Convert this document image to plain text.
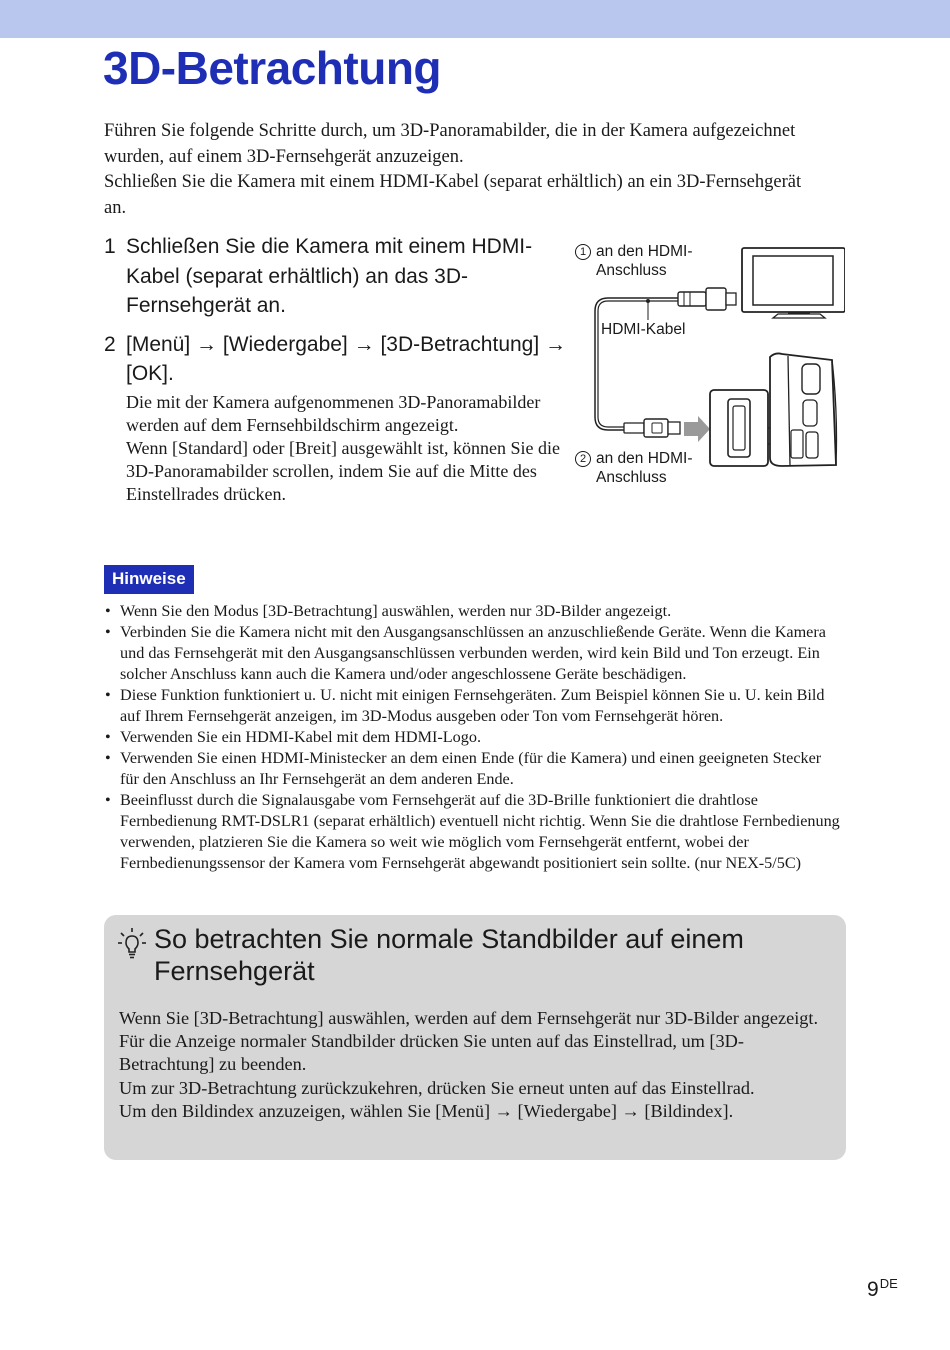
3D-Betrachtung

Führen Sie folgende Schritte durch, um 3D-Panoramabilder, die in der Kamera aufgezeichnet wurden, auf einem 3D-Fernsehgerät anzuzeigen.

Schließen Sie die Kamera mit einem HDMI-Kabel (separat erhältlich) an ein 3D-Fernsehgerät an.

1 Schließen Sie die Kamera mit einem HDMI-Kabel (separat erhältlich) an das 3D-Fernsehgerät an.
2 [Menü] → [Wiedergabe] → [3D-Betrachtung] → [OK].

Die mit der Kamera aufgenommenen 3D-Panoramabilder werden auf dem Fernsehbildschirm angezeigt.

Wenn [Standard] oder [Breit] ausgewählt ist, können Sie die 3D-Panoramabilder scrollen, indem Sie auf die Mitte des Einstellrades drücken.

1 an den HDMI-
Anschluss
HDMI-Kabel
2 an den HDMI-
Anschluss
Hinweise
• Wenn Sie den Modus [3D-Betrachtung] auswählen, werden nur 3D-Bilder angezeigt.
• Verbinden Sie die Kamera nicht mit den Ausgangsanschlüssen an anzuschließende Geräte. Wenn die Kamera und das Fernsehgerät mit den Ausgangsanschlüssen verbunden werden, wird kein Bild und Ton erzeugt. Ein solcher Anschluss kann auch die Kamera und/oder angeschlossene Geräte beschädigen.
• Diese Funktion funktioniert u. U. nicht mit einigen Fernsehgeräten. Zum Beispiel können Sie u. U. kein Bild auf Ihrem Fernsehgerät anzeigen, im 3D-Modus ausgeben oder Ton vom Fernsehgerät hören.
• Verwenden Sie ein HDMI-Kabel mit dem HDMI-Logo.
• Verwenden Sie einen HDMI-Ministecker an dem einen Ende (für die Kamera) und einen geeigneten Stecker für den Anschluss an Ihr Fernsehgerät an dem anderen Ende.
• Beeinflusst durch die Signalausgabe vom Fernsehgerät auf die 3D-Brille funktioniert die drahtlose Fernbedienung RMT-DSLR1 (separat erhältlich) eventuell nicht richtig. Wenn Sie die drahtlose Fernbedienung verwenden, platzieren Sie die Kamera so weit wie möglich vom Fernsehgerät entfernt, wobei der Fernbedienungssensor der Kamera vom Fernsehgerät abgewandt positioniert sein sollte. (nur NEX-5/5C)
So betrachten Sie normale Standbilder auf einem Fernsehgerät

Wenn Sie [3D-Betrachtung] auswählen, werden auf dem Fernsehgerät nur 3D-Bilder angezeigt.

Für die Anzeige normaler Standbilder drücken Sie unten auf das Einstellrad, um [3D-Betrachtung] zu beenden.

Um zur 3D-Betrachtung zurückzukehren, drücken Sie erneut unten auf das Einstellrad.

Um den Bildindex anzuzeigen, wählen Sie [Menü] → [Wiedergabe] → [Bildindex].

9DE
